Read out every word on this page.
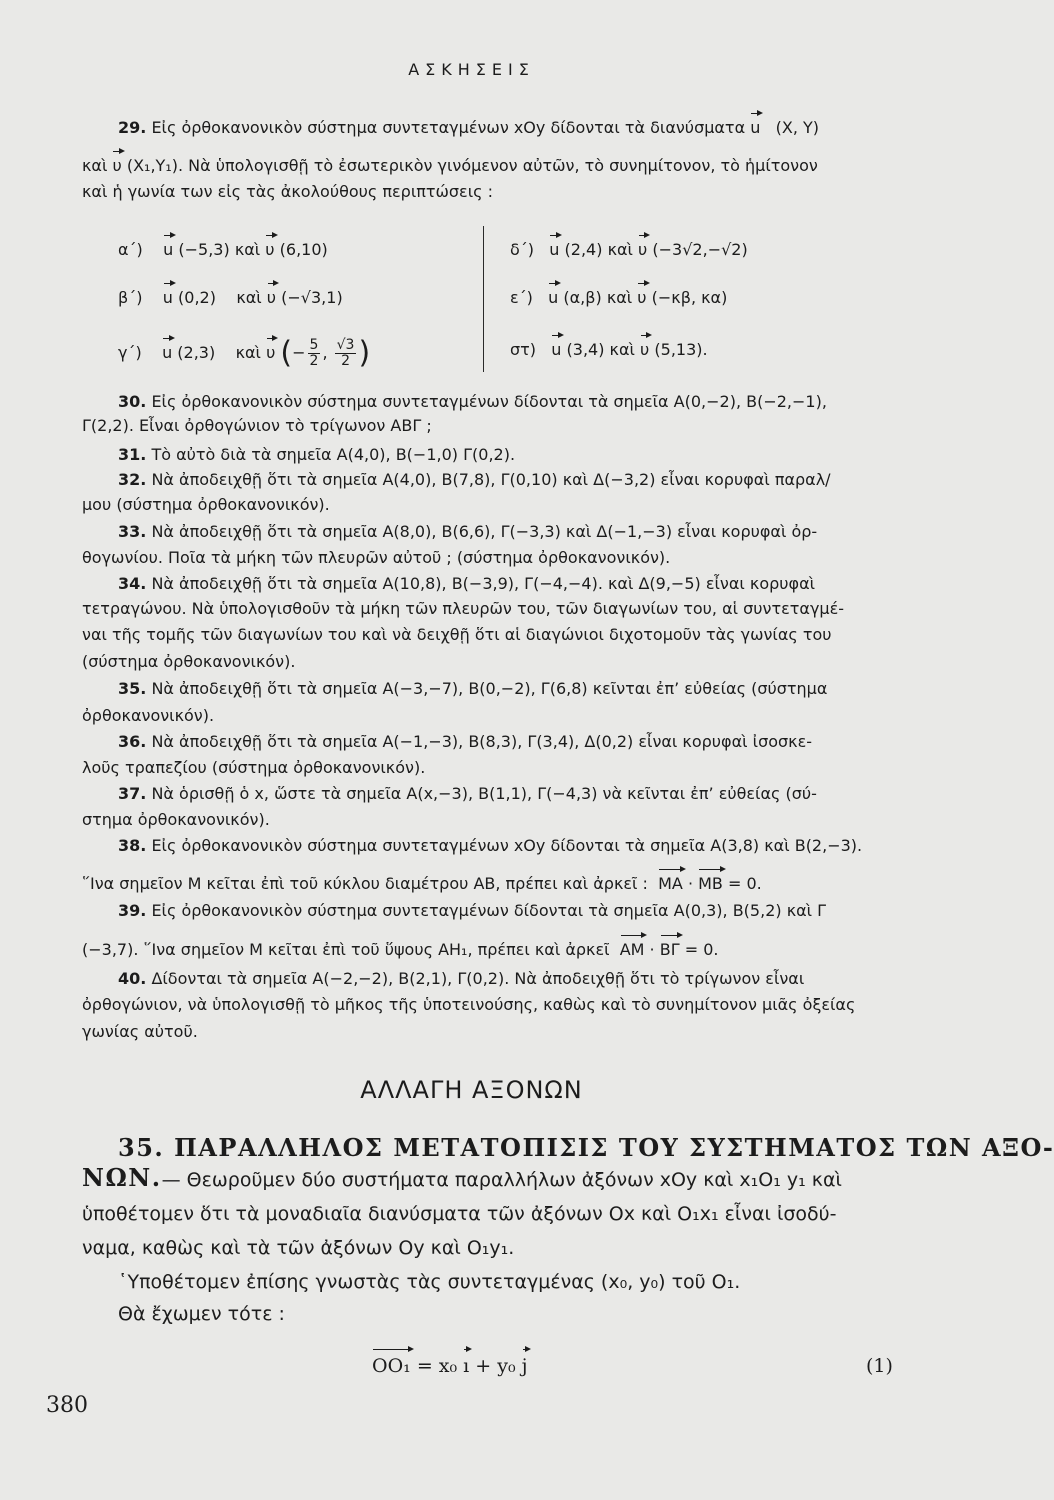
ΑΣΚΗΣΕΙΣ
29. Εἰς ὀρθοκανονικὸν σύστημα συντεταγμένων xOy δίδονται τὰ διανύσματα u (X, Y)
καὶ υ (X₁,Y₁). Νὰ ὑπολογισθῇ τὸ ἐσωτερικὸν γινόμενον αὐτῶν, τὸ συνημίτονον, τὸ ἡμίτονον
καὶ ἡ γωνία των εἰς τὰς ἀκολούθους περιπτώσεις :
α΄) u (−5,3) καὶ υ (6,10)
β΄) u (0,2) καὶ υ (−√3,1)
γ΄) u (2,3) καὶ υ (− $\frac{5}{2}$ , $\frac{√3}{2}$ )
δ΄) u (2,4) καὶ υ (−3√2,−√2)
ε΄) u (α,β) καὶ υ (−κβ, κα)
στ) u (3,4) καὶ υ (5,13).
30. Εἰς ὀρθοκανονικὸν σύστημα συντεταγμένων δίδονται τὰ σημεῖα Α(0,−2), Β(−2,−1),
Γ(2,2). Εἶναι ὀρθογώνιον τὸ τρίγωνον ΑΒΓ ;
31. Τὸ αὐτὸ διὰ τὰ σημεῖα Α(4,0), Β(−1,0) Γ(0,2).
32. Νὰ ἀποδειχθῇ ὅτι τὰ σημεῖα Α(4,0), Β(7,8), Γ(0,10) καὶ Δ(−3,2) εἶναι κορυφαὶ παραλ/
μου (σύστημα ὀρθοκανονικόν).
33. Νὰ ἀποδειχθῇ ὅτι τὰ σημεῖα Α(8,0), Β(6,6), Γ(−3,3) καὶ Δ(−1,−3) εἶναι κορυφαὶ ὀρ-
θογωνίου. Ποῖα τὰ μήκη τῶν πλευρῶν αὐτοῦ ; (σύστημα ὀρθοκανονικόν).
34. Νὰ ἀποδειχθῇ ὅτι τὰ σημεῖα Α(10,8), Β(−3,9), Γ(−4,−4). καὶ Δ(9,−5) εἶναι κορυφαὶ
τετραγώνου. Νὰ ὑπολογισθοῦν τὰ μήκη τῶν πλευρῶν του, τῶν διαγωνίων του, αἱ συντεταγμέ-
ναι τῆς τομῆς τῶν διαγωνίων του καὶ νὰ δειχθῇ ὅτι αἱ διαγώνιοι διχοτομοῦν τὰς γωνίας του
(σύστημα ὀρθοκανονικόν).
35. Νὰ ἀποδειχθῇ ὅτι τὰ σημεῖα Α(−3,−7), Β(0,−2), Γ(6,8) κεῖνται ἐπ’ εὐθείας (σύστημα
ὀρθοκανονικόν).
36. Νὰ ἀποδειχθῇ ὅτι τὰ σημεῖα Α(−1,−3), Β(8,3), Γ(3,4), Δ(0,2) εἶναι κορυφαὶ ἰσοσκε-
λοῦς τραπεζίου (σύστημα ὀρθοκανονικόν).
37. Νὰ ὁρισθῇ ὁ x, ὥστε τὰ σημεῖα Α(x,−3), Β(1,1), Γ(−4,3) νὰ κεῖνται ἐπ’ εὐθείας (σύ-
στημα ὀρθοκανονικόν).
38. Εἰς ὀρθοκανονικὸν σύστημα συντεταγμένων xOy δίδονται τὰ σημεῖα Α(3,8) καὶ Β(2,−3).
῞Ινα σημεῖον Μ κεῖται ἐπὶ τοῦ κύκλου διαμέτρου ΑΒ, πρέπει καὶ ἀρκεῖ : ΜΑ · ΜΒ = 0.
39. Εἰς ὀρθοκανονικὸν σύστημα συντεταγμένων δίδονται τὰ σημεῖα Α(0,3), Β(5,2) καὶ Γ
(−3,7). ῞Ινα σημεῖον Μ κεῖται ἐπὶ τοῦ ὕψους ΑΗ₁, πρέπει καὶ ἀρκεῖ ΑΜ · ΒΓ = 0.
40. Δίδονται τὰ σημεῖα Α(−2,−2), Β(2,1), Γ(0,2). Νὰ ἀποδειχθῇ ὅτι τὸ τρίγωνον εἶναι
ὀρθογώνιον, νὰ ὑπολογισθῇ τὸ μῆκος τῆς ὑποτεινούσης, καθὼς καὶ τὸ συνημίτονον μιᾶς ὀξείας
γωνίας αὐτοῦ.
ΑΛΛΑΓΗ ΑΞΟΝΩΝ
35. ΠΑΡΑΛΛΗΛΟΣ ΜΕΤΑΤΟΠΙΣΙΣ ΤΟΥ ΣΥΣΤΗΜΑΤΟΣ ΤΩΝ ΑΞΟ-
ΝΩΝ.— Θεωροῦμεν δύο συστήματα παραλλήλων ἀξόνων xOy καὶ x₁O₁ y₁ καὶ
ὑποθέτομεν ὅτι τὰ μοναδιαῖα διανύσματα τῶν ἀξόνων Οx καὶ Ο₁x₁ εἶναι ἰσοδύ-
ναμα, καθὼς καὶ τὰ τῶν ἀξόνων Οy καὶ Ο₁y₁.
῾Υποθέτομεν ἐπίσης γνωστὰς τὰς συντεταγμένας (x₀, y₀) τοῦ Ο₁.
Θὰ ἔχωμεν τότε :
ΟΟ₁ = x₀ ı + y₀ j	(1)
380
